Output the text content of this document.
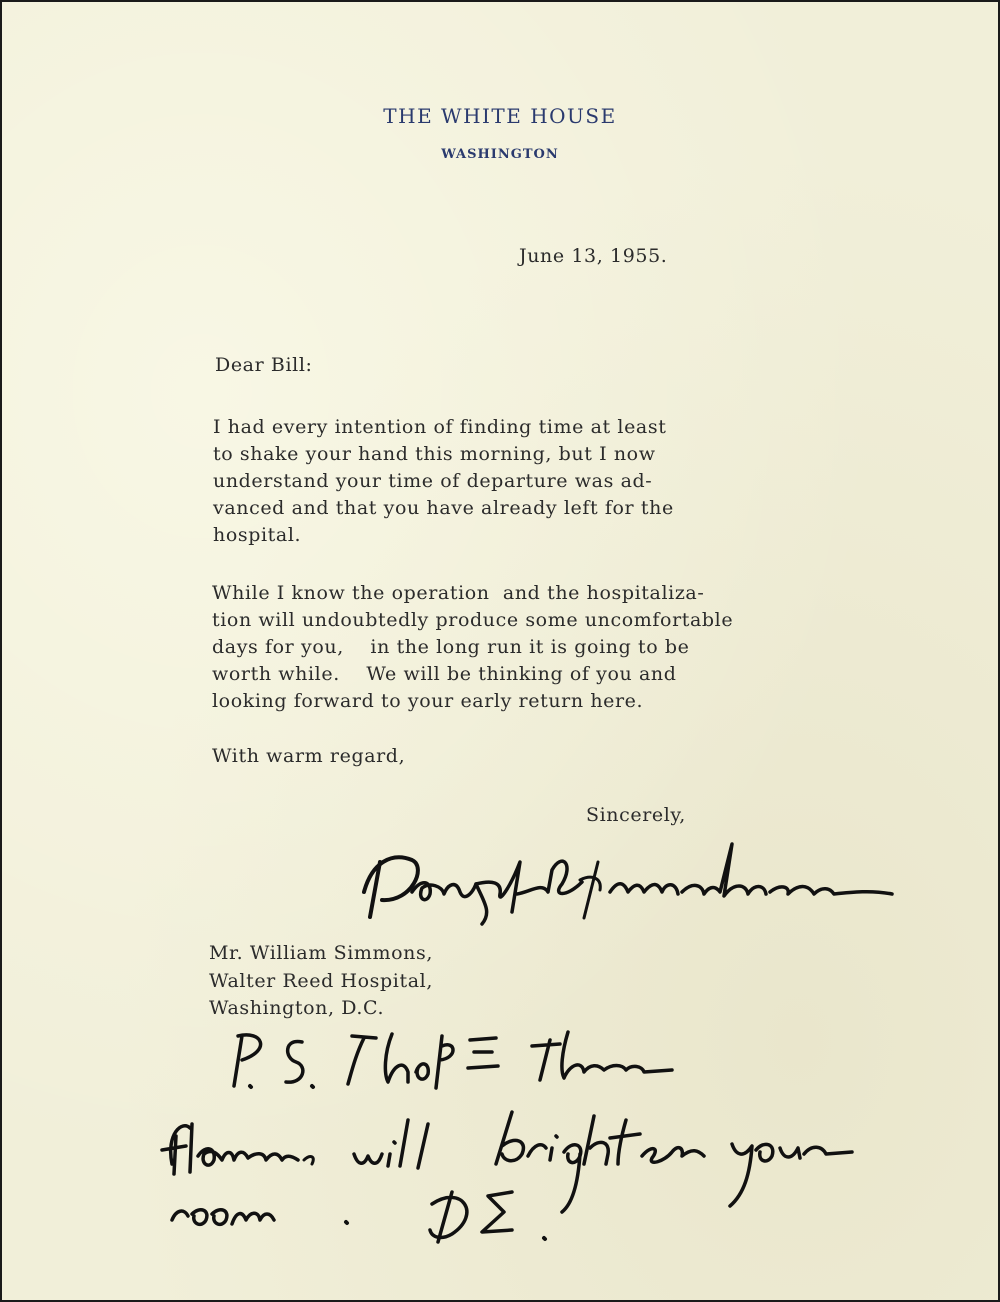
THE WHITE HOUSE
WASHINGTON
June 13, 1955.
Dear Bill:

I had every intention of finding time at least

to shake your hand this morning, but I now

understand your time of departure was ad-

vanced and that you have already left for the

hospital.

While I know the operation  and the hospitaliza-

tion will undoubtedly produce some uncomfortable

days for you,    in the long run it is going to be

worth while.    We will be thinking of you and

looking forward to your early return here.

With warm regard,
Sincerely,

Mr. William Simmons,

Walter Reed Hospital,

Washington, D.C.
